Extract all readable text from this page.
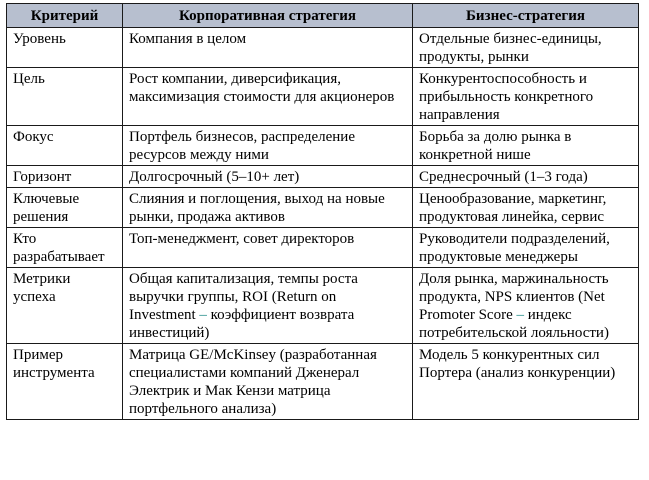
Критерий	Корпоративная стратегия	Бизнес-стратегия
Уровень	Компания в целом	Отдельные бизнес-единицы, продукты, рынки
Цель	Рост компании, диверсификация, максимизация стоимости для акционеров	Конкурентоспособность и прибыльность конкретного направления
Фокус	Портфель бизнесов, распределение ресурсов между ними	Борьба за долю рынка в конкретной нише
Горизонт	Долгосрочный (5–10+ лет)	Среднесрочный (1–3 года)
Ключевые решения	Слияния и поглощения, выход на новые рынки, продажа активов	Ценообразование, маркетинг, продуктовая линейка, сервис
Кто разрабатывает	Топ-менеджмент, совет директоров	Руководители подразделений, продуктовые менеджеры
Метрики успеха	Общая капитализация, темпы роста выручки группы, ROI (Return on Investment – коэффициент возврата инвестиций)	Доля рынка, маржинальность продукта, NPS клиентов (Net Promoter Score – индекс потребительской лояльности)
Пример инструмента	Матрица GE/McKinsey (разработанная специалистами компаний Дженерал Электрик и Мак Кензи матрица портфельного анализа)	Модель 5 конкурентных сил Портера (анализ конкуренции)
